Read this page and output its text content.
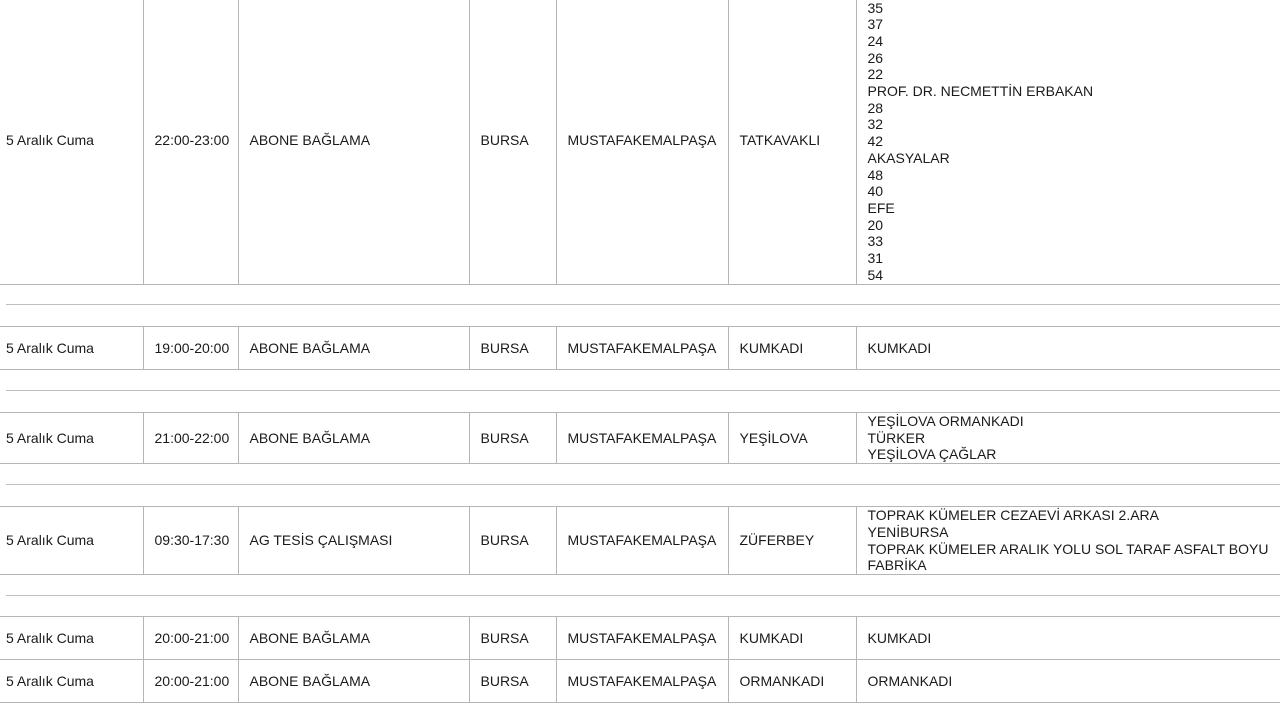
5 Aralık Cuma	22:00-23:00	ABONE BAĞLAMA	BURSA	MUSTAFAKEMALPAŞA	TATKAVAKLI	
35
37
24
26
22
PROF. DR. NECMETTİN ERBAKAN
28
32
42
AKASYALAR
48
40
EFE
20
33
31
54
5 Aralık Cuma	19:00-20:00	ABONE BAĞLAMA	BURSA	MUSTAFAKEMALPAŞA	KUMKADI	KUMKADI
5 Aralık Cuma	21:00-22:00	ABONE BAĞLAMA	BURSA	MUSTAFAKEMALPAŞA	YEŞİLOVA	
YEŞİLOVA ORMANKADI
TÜRKER
YEŞİLOVA ÇAĞLAR
5 Aralık Cuma	09:30-17:30	AG TESİS ÇALIŞMASI	BURSA	MUSTAFAKEMALPAŞA	ZÜFERBEY	
TOPRAK KÜMELER CEZAEVİ ARKASI 2.ARA
YENİBURSA
TOPRAK KÜMELER ARALIK YOLU SOL TARAF ASFALT BOYU
FABRİKA
5 Aralık Cuma	20:00-21:00	ABONE BAĞLAMA	BURSA	MUSTAFAKEMALPAŞA	KUMKADI	KUMKADI

5 Aralık Cuma	20:00-21:00	ABONE BAĞLAMA	BURSA	MUSTAFAKEMALPAŞA	ORMANKADI	ORMANKADI
